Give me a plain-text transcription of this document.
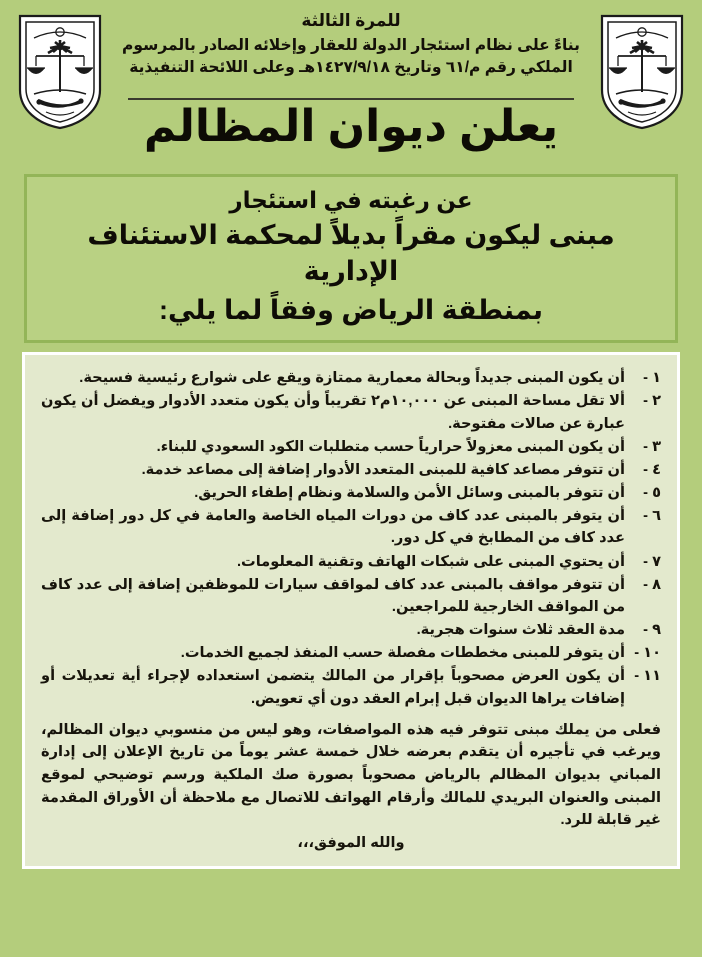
للمرة الثالثة
بناءً على نظام استئجار الدولة للعقار وإخلائه الصادر بالمرسوم
الملكي رقم م/٦١ وتاريخ ١٤٢٧/٩/١٨هـ وعلى اللائحة التنفيذية
يعلن ديوان المظالم
عن رغبته في استئجار
مبنى ليكون مقراً بديلاً لمحكمة الاستئناف الإدارية
بمنطقة الرياض وفقاً لما يلي:
١ -
أن يكون المبنى جديداً وبحالة معمارية ممتازة ويقع على شوارع رئيسية فسيحة.
٢ -
ألا تقل مساحة المبنى عن ١٠,٠٠٠م٢ تقريباً وأن يكون متعدد الأدوار ويفضل أن يكون عبارة عن صالات مفتوحة.
٣ -
أن يكون المبنى معزولاً حرارياً حسب متطلبات الكود السعودي للبناء.
٤ -
أن تتوفر مصاعد كافية للمبنى المتعدد الأدوار إضافة إلى مصاعد خدمة.
٥ -
أن تتوفر بالمبنى وسائل الأمن والسلامة ونظام إطفاء الحريق.
٦ -
أن يتوفر بالمبنى عدد كاف من دورات المياه الخاصة والعامة في كل دور إضافة إلى عدد كاف من المطابخ في كل دور.
٧ -
أن يحتوي المبنى على شبكات الهاتف وتقنية المعلومات.
٨ -
أن تتوفر مواقف بالمبنى عدد كاف لمواقف سيارات للموظفين إضافة إلى عدد كاف من المواقف الخارجية للمراجعين.
٩ -
مدة العقد ثلاث سنوات هجرية.
١٠ -
أن يتوفر للمبنى مخططات مفصلة حسب المنفذ لجميع الخدمات.
١١ -
أن يكون العرض مصحوباً بإقرار من المالك يتضمن استعداده لإجراء أية تعديلات أو إضافات يراها الديوان قبل إبرام العقد دون أي تعويض.

فعلى من يملك مبنى تتوفر فيه هذه المواصفات، وهو ليس من منسوبي ديوان المظالم، ويرغب في تأجيره أن يتقدم بعرضه خلال خمسة عشر يوماً من تاريخ الإعلان إلى إدارة المباني بديوان المظالم بالرياض مصحوباً بصورة صك الملكية ورسم توضيحي لموقع المبنى والعنوان البريدي للمالك وأرقام الهواتف للاتصال مع ملاحظة أن الأوراق المقدمة غير قابلة للرد.

والله الموفق،،،
